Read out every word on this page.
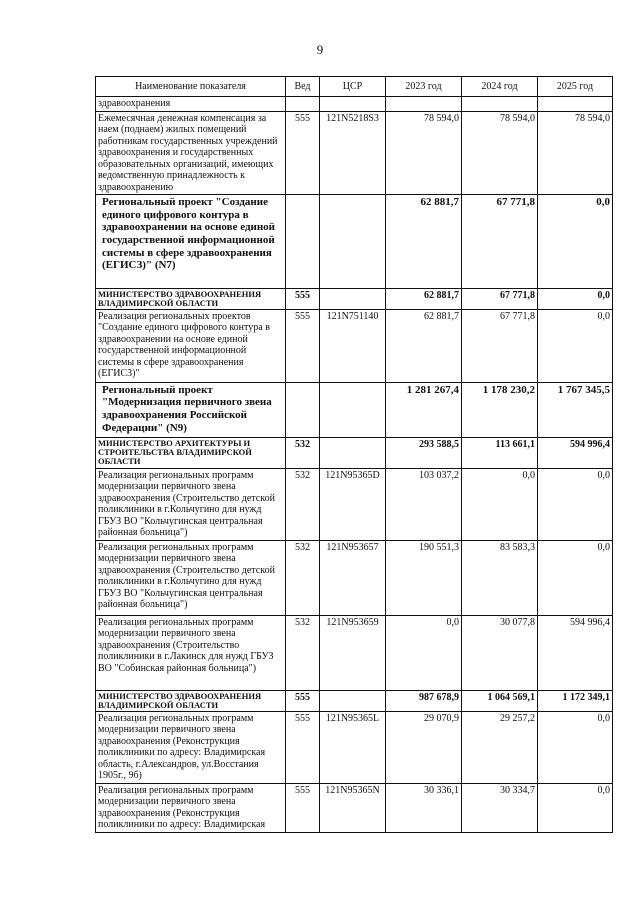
9
Наименование показателя	Вед	ЦСР	2023 год	2024 год	2025 год
здравоохранения					
Ежемесячная денежная компенсация за наем (поднаем) жилых помещений работникам государственных учреждений здравоохранения и государственных образовательных организаций, имеющих ведомственную принадлежность к здравоохранению	555	121N5218S3	78 594,0	78 594,0	78 594,0
Региональный проект "Создание единого цифрового контура в здравоохранении на основе единой государственной информационной системы в сфере здравоохранения (ЕГИСЗ)" (N7)			62 881,7	67 771,8	0,0
МИНИСТЕРСТВО ЗДРАВООХРАНЕНИЯ ВЛАДИМИРСКОЙ ОБЛАСТИ	555		62 881,7	67 771,8	0,0
Реализация региональных проектов "Создание единого цифрового контура в здравоохранении на основе единой государственной информационной системы в сфере здравоохранения (ЕГИСЗ)"	555	121N751140	62 881,7	67 771,8	0,0
Региональный проект "Модернизация первичного звена здравоохранения Российской Федерации" (N9)			1 281 267,4	1 178 230,2	1 767 345,5
МИНИСТЕРСТВО АРХИТЕКТУРЫ И СТРОИТЕЛЬСТВА ВЛАДИМИРСКОЙ ОБЛАСТИ	532		293 588,5	113 661,1	594 996,4
Реализация региональных программ модернизации первичного звена здравоохранения (Строительство детской поликлиники в г.Кольчугино для нужд ГБУЗ ВО "Кольчугинская центральная районная больница")	532	121N95365D	103 037,2	0,0	0,0
Реализация региональных программ модернизации первичного звена здравоохранения (Строительство детской поликлиники в г.Кольчугино для нужд ГБУЗ ВО "Кольчугинская центральная районная больница")	532	121N953657	190 551,3	83 583,3	0,0
Реализация региональных программ модернизации первичного звена здравоохранения (Строительство поликлиники в г.Лакинск для нужд ГБУЗ ВО "Собинская районная больница")	532	121N953659	0,0	30 077,8	594 996,4
МИНИСТЕРСТВО ЗДРАВООХРАНЕНИЯ ВЛАДИМИРСКОЙ ОБЛАСТИ	555		987 678,9	1 064 569,1	1 172 349,1
Реализация региональных программ модернизации первичного звена здравоохранения (Реконструкция поликлиники по адресу: Владимирская область, г.Александров, ул.Восстания 1905г., 9б)	555	121N95365L	29 070,9	29 257,2	0,0
Реализация региональных программ модернизации первичного звена здравоохранения (Реконструкция поликлиники по адресу: Владимирская	555	121N95365N	30 336,1	30 334,7	0,0
